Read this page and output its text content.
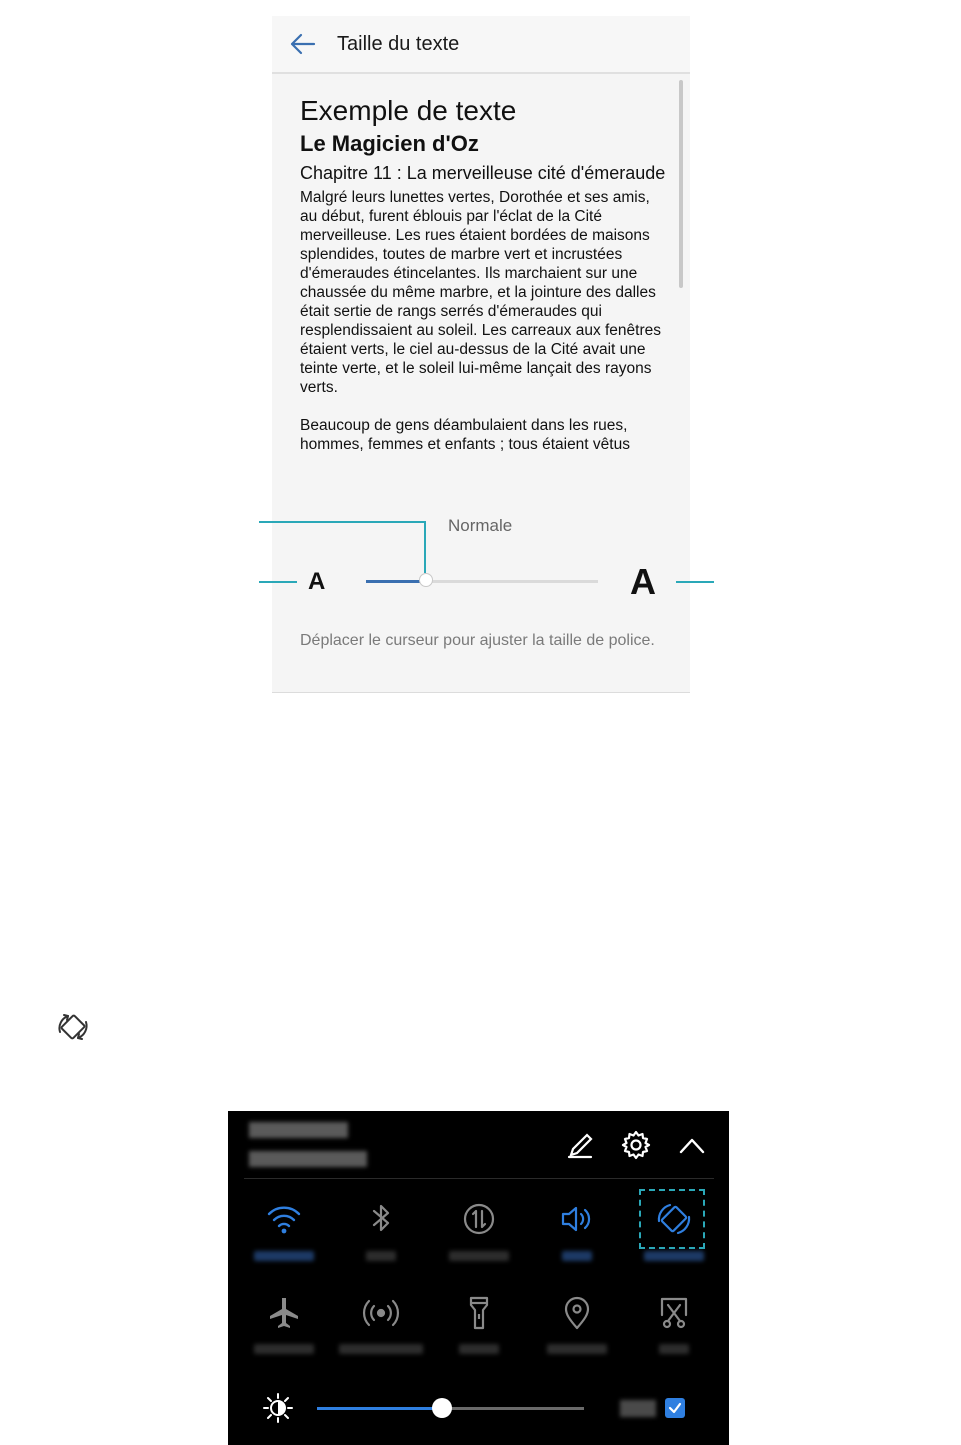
Taille du texte
Exemple de texte
Le Magicien d'Oz
Chapitre 11 : La merveilleuse cité d'émeraude
Malgré leurs lunettes vertes, Dorothée et ses amis, au début, furent éblouis par l'éclat de la Cité merveilleuse. Les rues étaient bordées de maisons splendides, toutes de marbre vert et incrustées d'émeraudes étincelantes. Ils marchaient sur une chaussée du même marbre, et la jointure des dalles était sertie de rangs serrés d'émeraudes qui resplendissaient au soleil. Les carreaux aux fenêtres étaient verts, le ciel au-dessus de la Cité avait une teinte verte, et le soleil lui-même lançait des rayons verts.
Beaucoup de gens déambulaient dans les rues, hommes, femmes et enfants ; tous étaient vêtus
Normale
A	A
Déplacer le curseur pour ajuster la taille de police.
